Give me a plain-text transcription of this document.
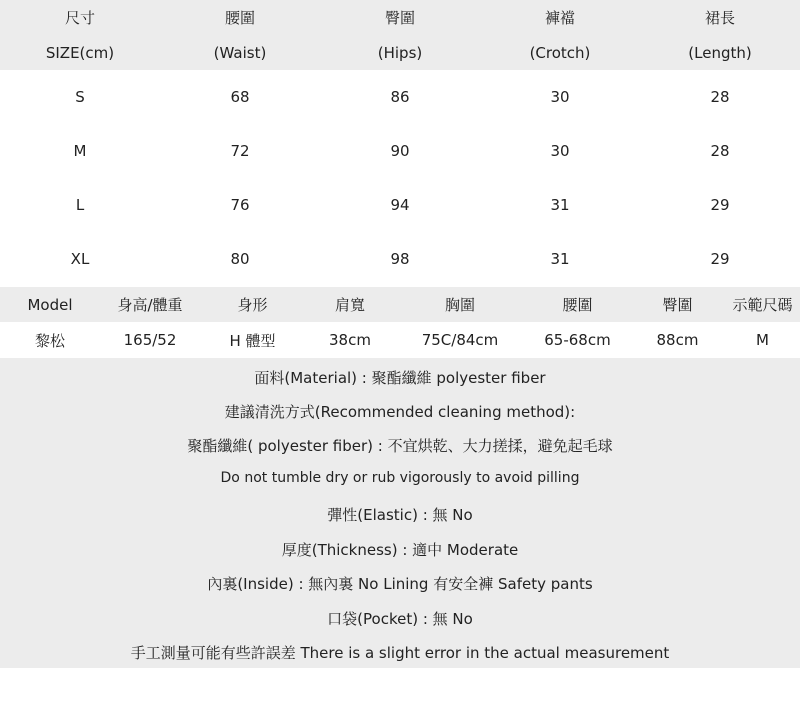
尺寸	腰圍	臀圍	褲襠	裙長
SIZE(cm)	(Waist)	(Hips)	(Crotch)	(Length)
S	68	86	30	28
M	72	90	30	28
L	76	94	31	29
XL	80	98	31	29
Model	身高/體重	身形	肩寬	胸圍	腰圍	臀圍	示範尺碼
黎松	165/52	H 體型	38cm	75C/84cm	65-68cm	88cm	M
面料(Material) : 聚酯纖維 polyester fiber
建議清洗方式(Recommended cleaning method):
聚酯纖維( polyester fiber) : 不宜烘乾、大力搓揉，避免起毛球
Do not tumble dry or rub vigorously to avoid pilling
彈性(Elastic) : 無 No
厚度(Thickness) : 適中 Moderate
內裏(Inside) : 無內裏 No Lining 有安全褲 Safety pants
口袋(Pocket) : 無 No
手工測量可能有些許誤差 There is a slight error in the actual measurement
